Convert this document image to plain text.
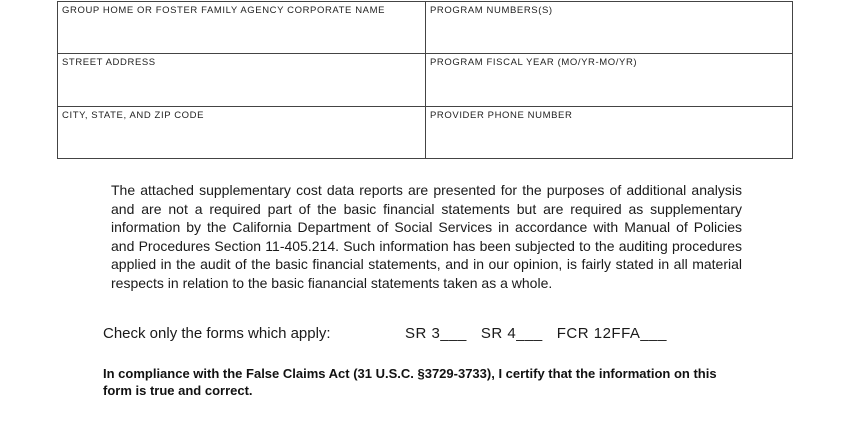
GROUP HOME OR FOSTER FAMILY AGENCY CORPORATE NAME	PROGRAM NUMBERS(S)
STREET ADDRESS	PROGRAM FISCAL YEAR (MO/YR-MO/YR)
CITY, STATE, AND ZIP CODE	PROVIDER PHONE NUMBER
The attached supplementary cost data reports are presented for the purposes of additional analysis and are not a required part of the basic financial statements but are required as supplementary information by the California Department of Social Services in accordance with Manual of Policies and Procedures Section 11-405.214. Such information has been subjected to the auditing procedures applied in the audit of the basic financial statements, and in our opinion, is fairly stated in all material respects in relation to the basic fianancial statements taken as a whole.
Check only the forms which apply:	SR 3___   SR 4___   FCR 12FFA___
In compliance with the False Claims Act (31 U.S.C. §3729-3733), I certify that the information on this form is true and correct.
